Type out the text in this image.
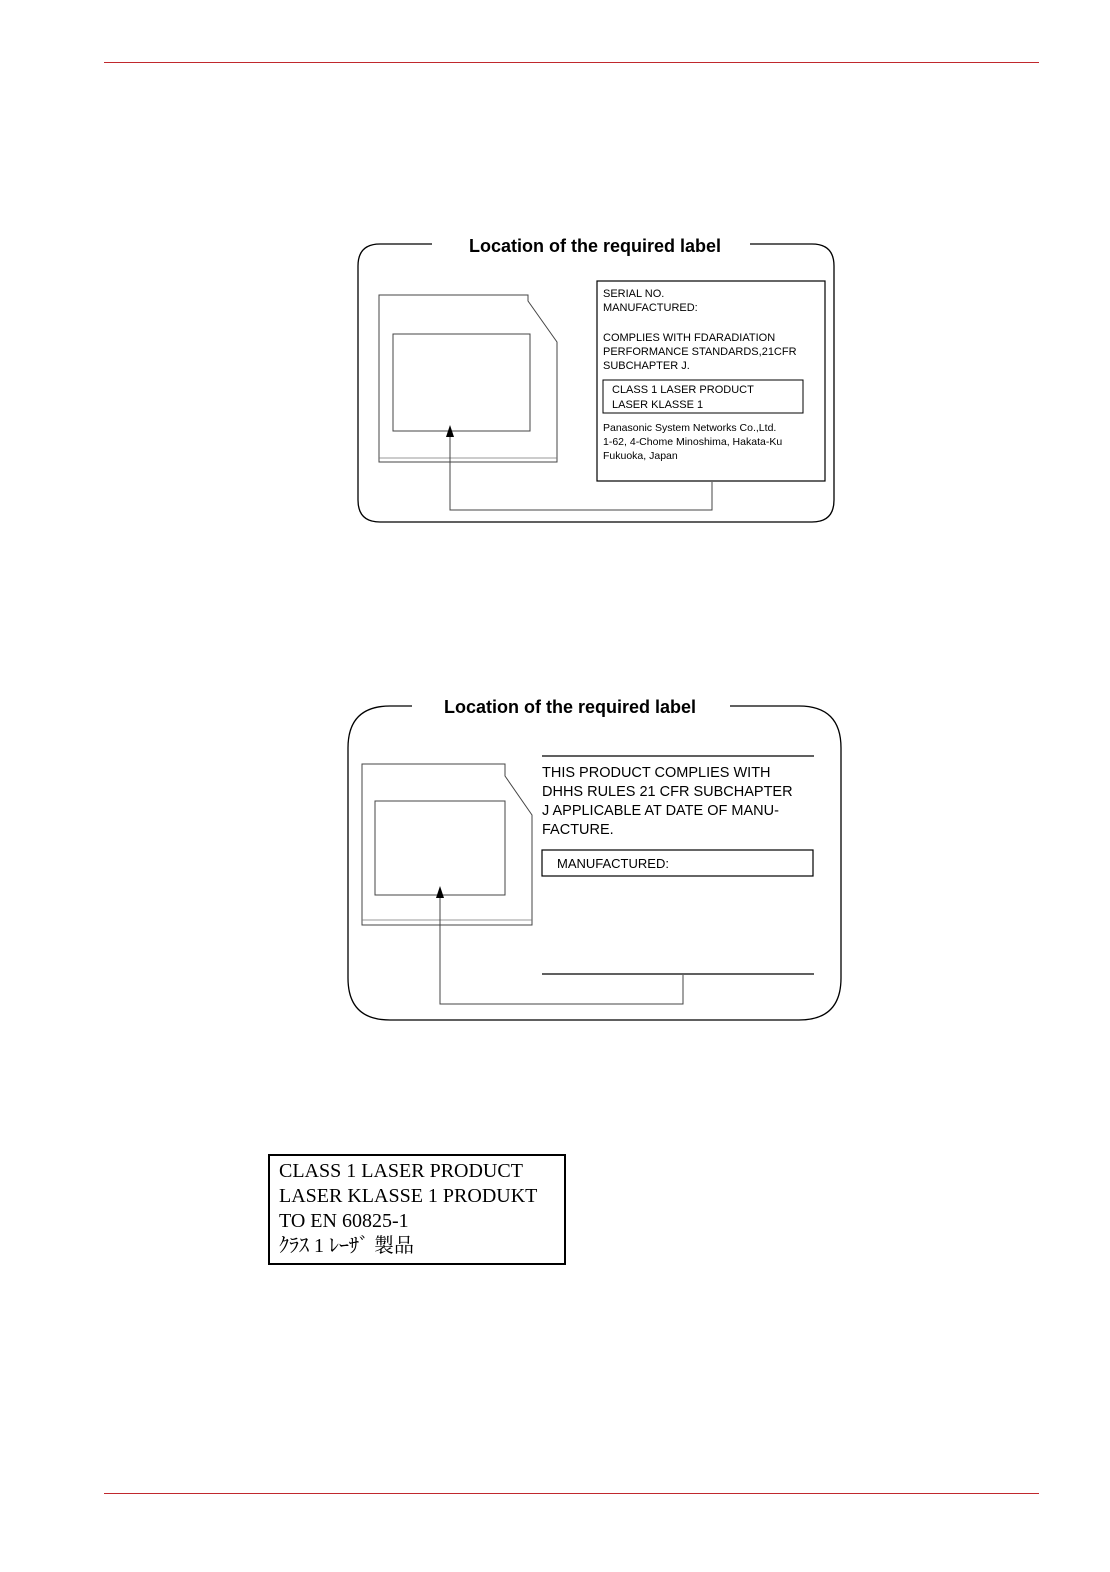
Location of the required label
SERIAL NO. MANUFACTURED: COMPLIES WITH FDARADIATION PERFORMANCE STANDARDS,21CFR SUBCHAPTER J.
CLASS 1 LASER PRODUCT LASER KLASSE 1
Panasonic System Networks Co.,Ltd. 1-62, 4-Chome Minoshima, Hakata-Ku Fukuoka, Japan
Location of the required label
THIS PRODUCT COMPLIES WITH DHHS RULES 21 CFR SUBCHAPTER J APPLICABLE AT DATE OF MANU- FACTURE.
MANUFACTURED:
CLASS 1 LASER PRODUCT
LASER KLASSE 1 PRODUKT
TO EN 60825-1
ｸﾗｽ 1 ﾚｰｻﾞ 製品
